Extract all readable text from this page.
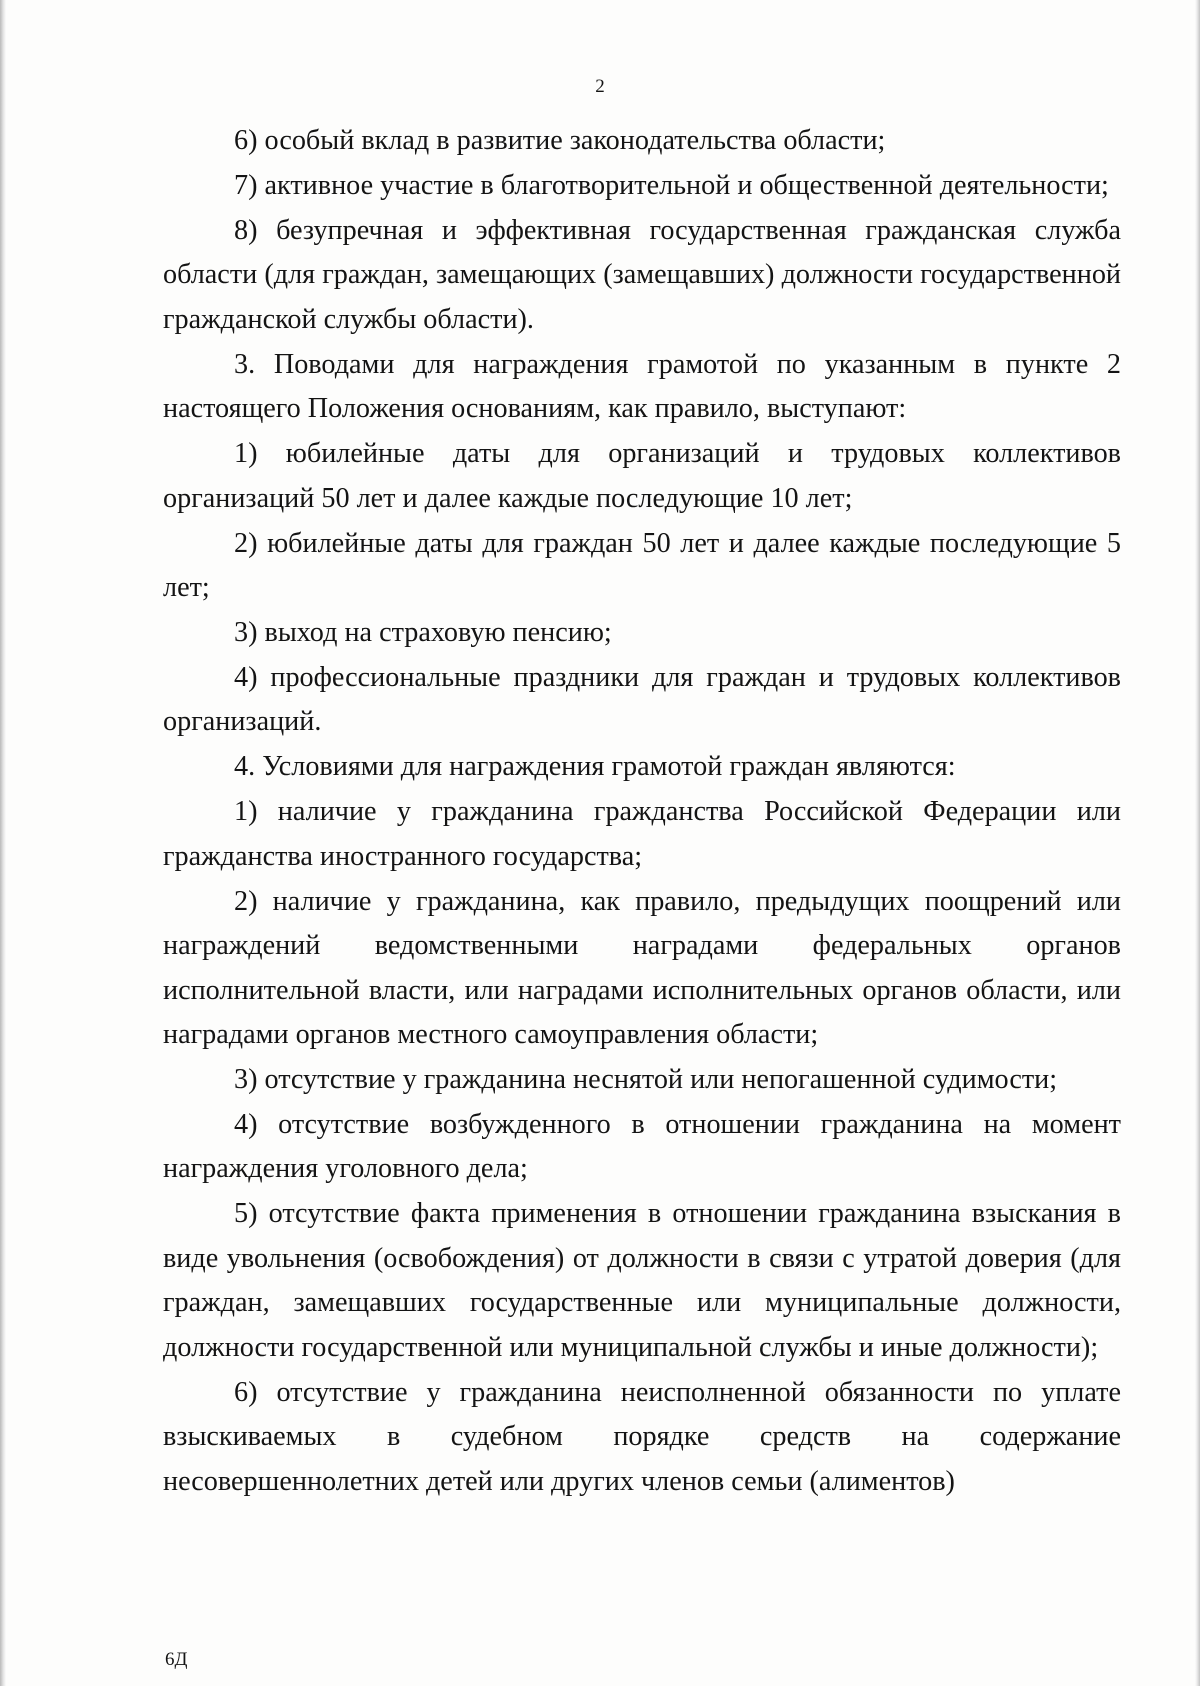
2

6) особый вклад в развитие законодательства области;

7) активное участие в благотворительной и общественной деятельности;

8) безупречная и эффективная государственная гражданская служба области (для граждан, замещающих (замещавших) должности государственной гражданской службы области).

3. Поводами для награждения грамотой по указанным в пункте 2 настоящего Положения основаниям, как правило, выступают:

1) юбилейные даты для организаций и трудовых коллективов организаций 50 лет и далее каждые последующие 10 лет;

2) юбилейные даты для граждан 50 лет и далее каждые последующие 5 лет;

3) выход на страховую пенсию;

4) профессиональные праздники для граждан и трудовых коллективов организаций.

4. Условиями для награждения грамотой граждан являются:

1) наличие у гражданина гражданства Российской Федерации или гражданства иностранного государства;

2) наличие у гражданина, как правило, предыдущих поощрений или награждений ведомственными наградами федеральных органов исполнительной власти, или наградами исполнительных органов области, или наградами органов местного самоуправления области;

3) отсутствие у гражданина неснятой или непогашенной судимости;

4) отсутствие возбужденного в отношении гражданина на момент награждения уголовного дела;

5) отсутствие факта применения в отношении гражданина взыскания в виде увольнения (освобождения) от должности в связи с утратой доверия (для граждан, замещавших государственные или муниципальные должности, должности государственной или муниципальной службы и иные должности);

6) отсутствие у гражданина неисполненной обязанности по уплате взыскиваемых в судебном порядке средств на содержание несовершеннолетних детей или других членов семьи (алиментов)

6Д
